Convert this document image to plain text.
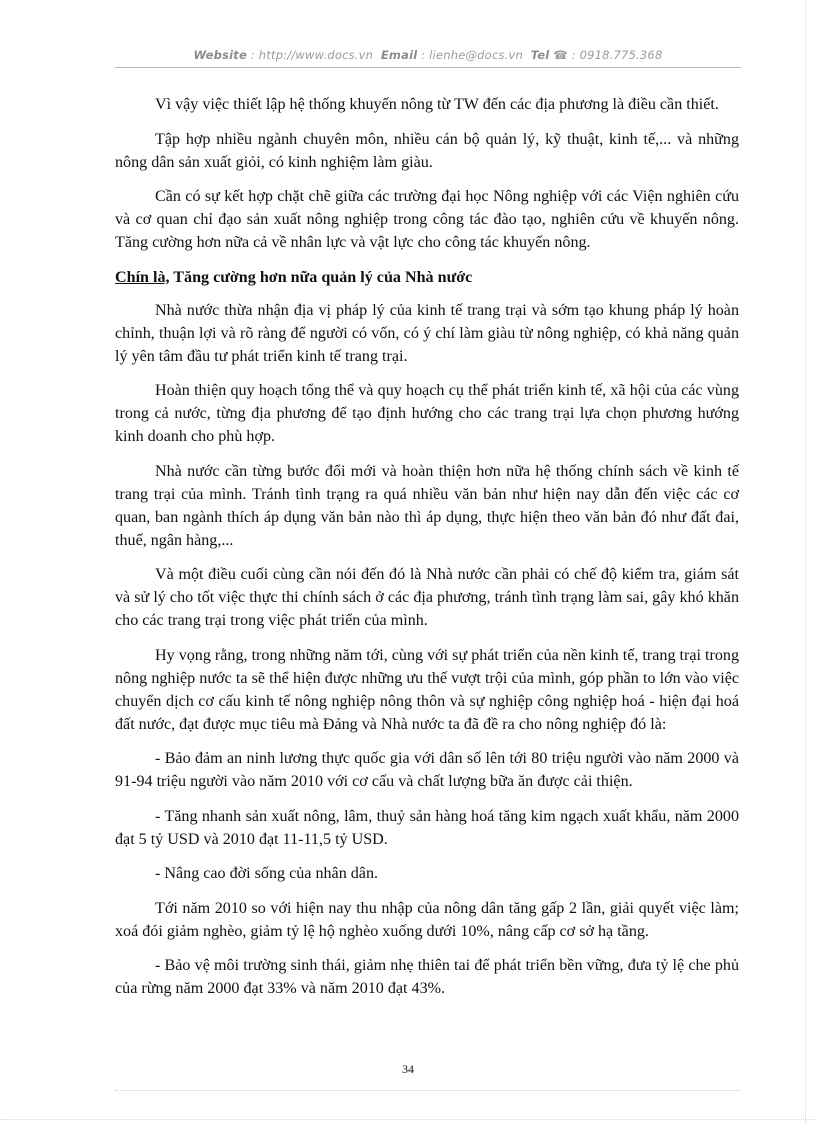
Website : http://www.docs.vn Email : lienhe@docs.vn Tel ☎ : 0918.775.368

Vì vậy việc thiết lập hệ thống khuyến nông từ TW đến các địa phương là điều cần thiết.

Tập hợp nhiều ngành chuyên môn, nhiều cán bộ quản lý, kỹ thuật, kinh tế,... và những nông dân sản xuất giỏi, có kinh nghiệm làm giàu.

Cần có sự kết hợp chặt chẽ giữa các trường đại học Nông nghiệp với các Viện nghiên cứu và cơ quan chỉ đạo sản xuất nông nghiệp trong công tác đào tạo, nghiên cứu về khuyến nông. Tăng cường hơn nữa cả về nhân lực và vật lực cho công tác khuyến nông.

Chín là, Tăng cường hơn nữa quản lý của Nhà nước

Nhà nước thừa nhận địa vị pháp lý của kinh tế trang trại và sớm tạo khung pháp lý hoàn chỉnh, thuận lợi và rõ ràng để người có vốn, có ý chí làm giàu từ nông nghiệp, có khả năng quản lý yên tâm đầu tư phát triển kinh tế trang trại.

Hoàn thiện quy hoạch tổng thể và quy hoạch cụ thể phát triển kinh tế, xã hội của các vùng trong cả nước, từng địa phương để tạo định hướng cho các trang trại lựa chọn phương hướng kinh doanh cho phù hợp.

Nhà nước cần từng bước đổi mới và hoàn thiện hơn nữa hệ thống chính sách về kinh tế trang trại của mình. Tránh tình trạng ra quá nhiều văn bản như hiện nay dẫn đến việc các cơ quan, ban ngành thích áp dụng văn bản nào thì áp dụng, thực hiện theo văn bản đó như đất đai, thuế, ngân hàng,...

Và một điều cuối cùng cần nói đến đó là Nhà nước cần phải có chế độ kiểm tra, giám sát và sử lý cho tốt việc thực thi chính sách ở các địa phương, tránh tình trạng làm sai, gây khó khăn cho các trang trại trong việc phát triển của mình.

Hy vọng rằng, trong những năm tới, cùng với sự phát triển của nền kinh tế, trang trại trong nông nghiệp nước ta sẽ thể hiện được những ưu thế vượt trội của mình, góp phần to lớn vào việc chuyển dịch cơ cấu kinh tế nông nghiệp nông thôn và sự nghiệp công nghiệp hoá - hiện đại hoá đất nước, đạt được mục tiêu mà Đảng và Nhà nước ta đã đề ra cho nông nghiệp đó là:

- Bảo đảm an ninh lương thực quốc gia với dân số lên tới 80 triệu người vào năm 2000 và 91-94 triệu người vào năm 2010 với cơ cấu và chất lượng bữa ăn được cải thiện.

- Tăng nhanh sản xuất nông, lâm, thuỷ sản hàng hoá tăng kim ngạch xuất khẩu, năm 2000 đạt 5 tỷ USD và 2010 đạt 11-11,5 tỷ USD.

- Nâng cao đời sống của nhân dân.

Tới năm 2010 so với hiện nay thu nhập của nông dân tăng gấp 2 lần, giải quyết việc làm; xoá đói giảm nghèo, giảm tỷ lệ hộ nghèo xuống dưới 10%, nâng cấp cơ sở hạ tầng.

- Bảo vệ môi trường sinh thái, giảm nhẹ thiên tai để phát triển bền vững, đưa tỷ lệ che phủ của rừng năm 2000 đạt 33% và năm 2010 đạt 43%.

34
